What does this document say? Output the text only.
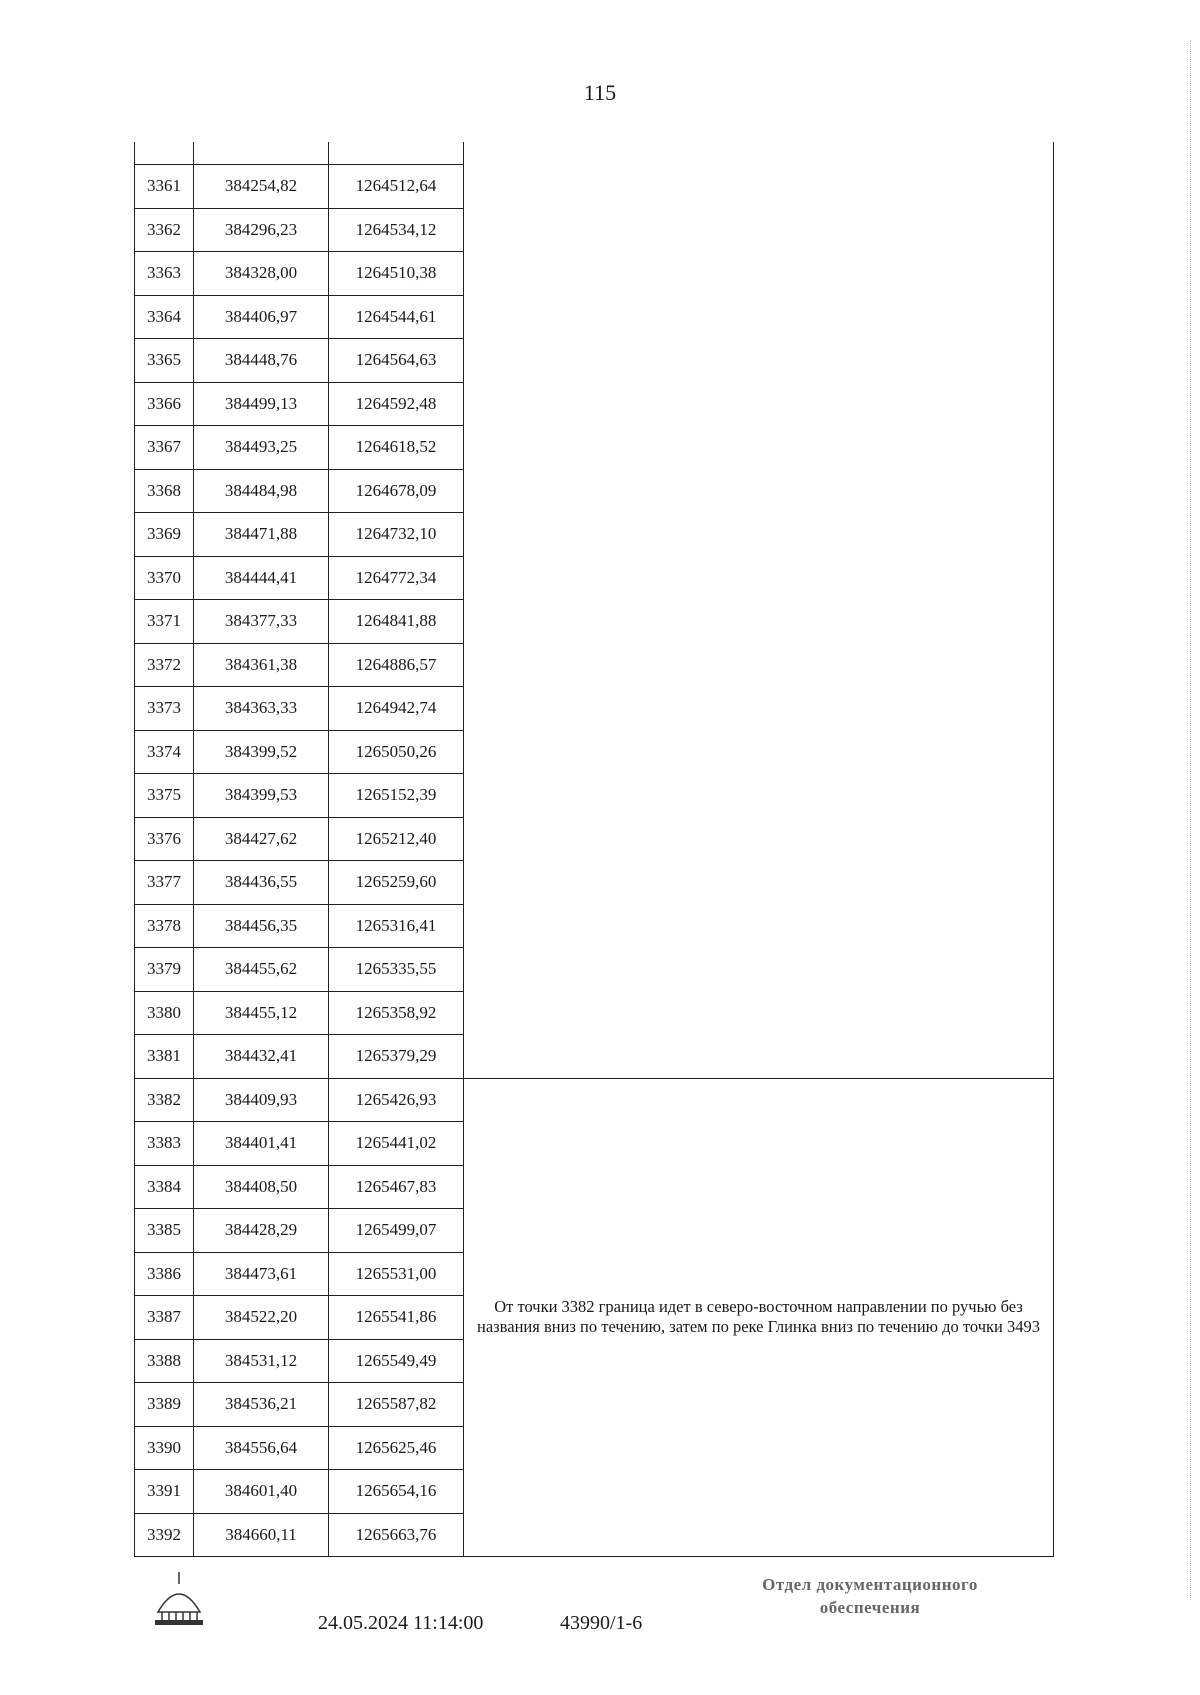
115

3361	384254,82	1264512,64	
3362	384296,23	1264534,12	
3363	384328,00	1264510,38	
3364	384406,97	1264544,61	
3365	384448,76	1264564,63	
3366	384499,13	1264592,48	
3367	384493,25	1264618,52	
3368	384484,98	1264678,09	
3369	384471,88	1264732,10	
3370	384444,41	1264772,34	
3371	384377,33	1264841,88	
3372	384361,38	1264886,57	
3373	384363,33	1264942,74	
3374	384399,52	1265050,26	
3375	384399,53	1265152,39	
3376	384427,62	1265212,40	
3377	384436,55	1265259,60	
3378	384456,35	1265316,41	
3379	384455,62	1265335,55	
3380	384455,12	1265358,92	
3381	384432,41	1265379,29	
3382	384409,93	1265426,93	От точки 3382 граница идет в северо-восточном направлении по ручью без названия вниз по течению, затем по реке Глинка вниз по течению до точки 3493
3383	384401,41	1265441,02	
3384	384408,50	1265467,83	
3385	384428,29	1265499,07	
3386	384473,61	1265531,00	
3387	384522,20	1265541,86	
3388	384531,12	1265549,49	
3389	384536,21	1265587,82	
3390	384556,64	1265625,46	
3391	384601,40	1265654,16	
3392	384660,11	1265663,76	
24.05.2024 11:14:00	43990/1-6
Отдел документационного
обеспечения
